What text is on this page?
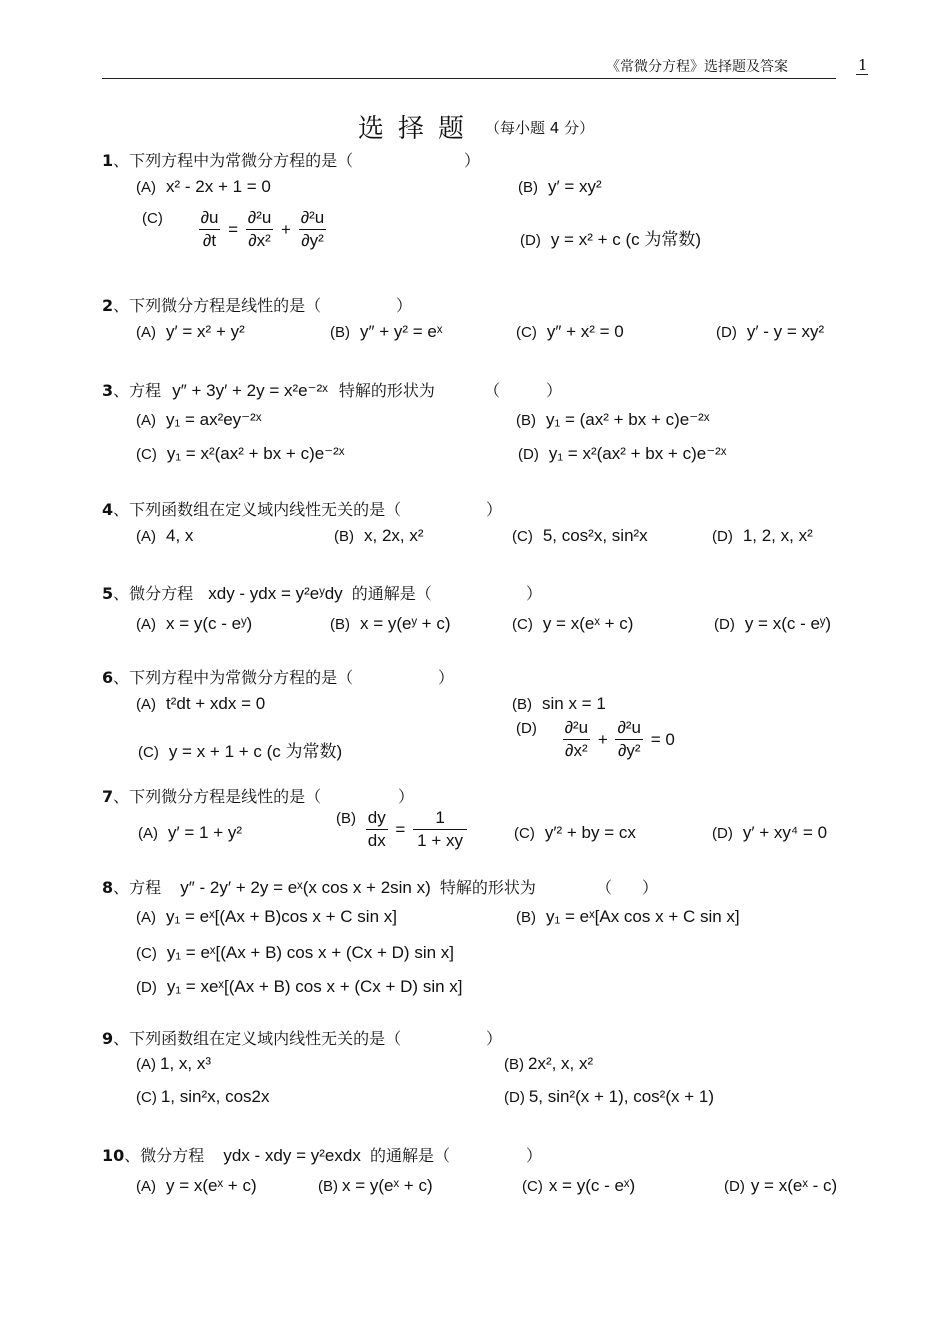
《常微分方程》选择题及答案	1
选择题 （每小题 4 分）
1、下列方程中为常微分方程的是（	）
(A) x² - 2x + 1 = 0	(B) y′ = xy²
$(C) \frac{\partial u}{\partial t} = \frac{\text{∂²u}}{\text{∂x²}} + \frac{\text{∂²u}}{\text{∂y²}}$	(D) y = x² + c (c 为常数)
2、下列微分方程是线性的是（	）
(A) y′ = x² + y²	(B) y″ + y² = eˣ	(C) y″ + x² = 0	(D) y′ - y = xy²
3、方程 y″ + 3y′ + 2y = x²e⁻²ˣ 特解的形状为	（	）
(A) y₁ = ax²ey⁻²ˣ	(B) y₁ = (ax² + bx + c)e⁻²ˣ
(C) y₁ = x²(ax² + bx + c)e⁻²ˣ	(D) y₁ = x²(ax² + bx + c)e⁻²ˣ
4、下列函数组在定义域内线性无关的是（	）
(A) 4, x	(B) x, 2x, x²	(C) 5, cos²x, sin²x	(D) 1, 2, x, x²
5、微分方程 xdy - ydx = y²eʸdy 的通解是（	）
(A) x = y(c - eʸ)	(B) x = y(eʸ + c)	(C) y = x(eˣ + c)	(D) y = x(c - eʸ)
6、下列方程中为常微分方程的是（	）
(A) t²dt + xdx = 0	(B) sin x = 1
(C) y = x + 1 + c (c 为常数)
$(D) \frac{\text{∂²u}}{\text{∂x²}} + \frac{\text{∂²u}}{\text{∂y²}} = 0$
7、下列微分方程是线性的是（	）
(A) y′ = 1 + y²
$(B) \frac{dy}{dx} = \frac{1}{1 + xy}$	(C) y′² + by = cx	(D) y′ + xy⁴ = 0
8、方程 y″ - 2y′ + 2y = eˣ(x cos x + 2sin x) 特解的形状为	（ ）
(A) y₁ = eˣ[(Ax + B)cos x + C sin x]	(B) y₁ = eˣ[Ax cos x + C sin x]
(C) y₁ = eˣ[(Ax + B) cos x + (Cx + D) sin x]
(D) y₁ = xeˣ[(Ax + B) cos x + (Cx + D) sin x]
9、下列函数组在定义域内线性无关的是（	）
(A) 1, x, x³	(B) 2x², x, x²
(C) 1, sin²x, cos2x	(D) 5, sin²(x + 1), cos²(x + 1)
10、微分方程 ydx - xdy = y²exdx 的通解是（	）
(A) y = x(eˣ + c)	(B) x = y(eˣ + c)	(C) x = y(c - eˣ)	(D) y = x(eˣ - c)
